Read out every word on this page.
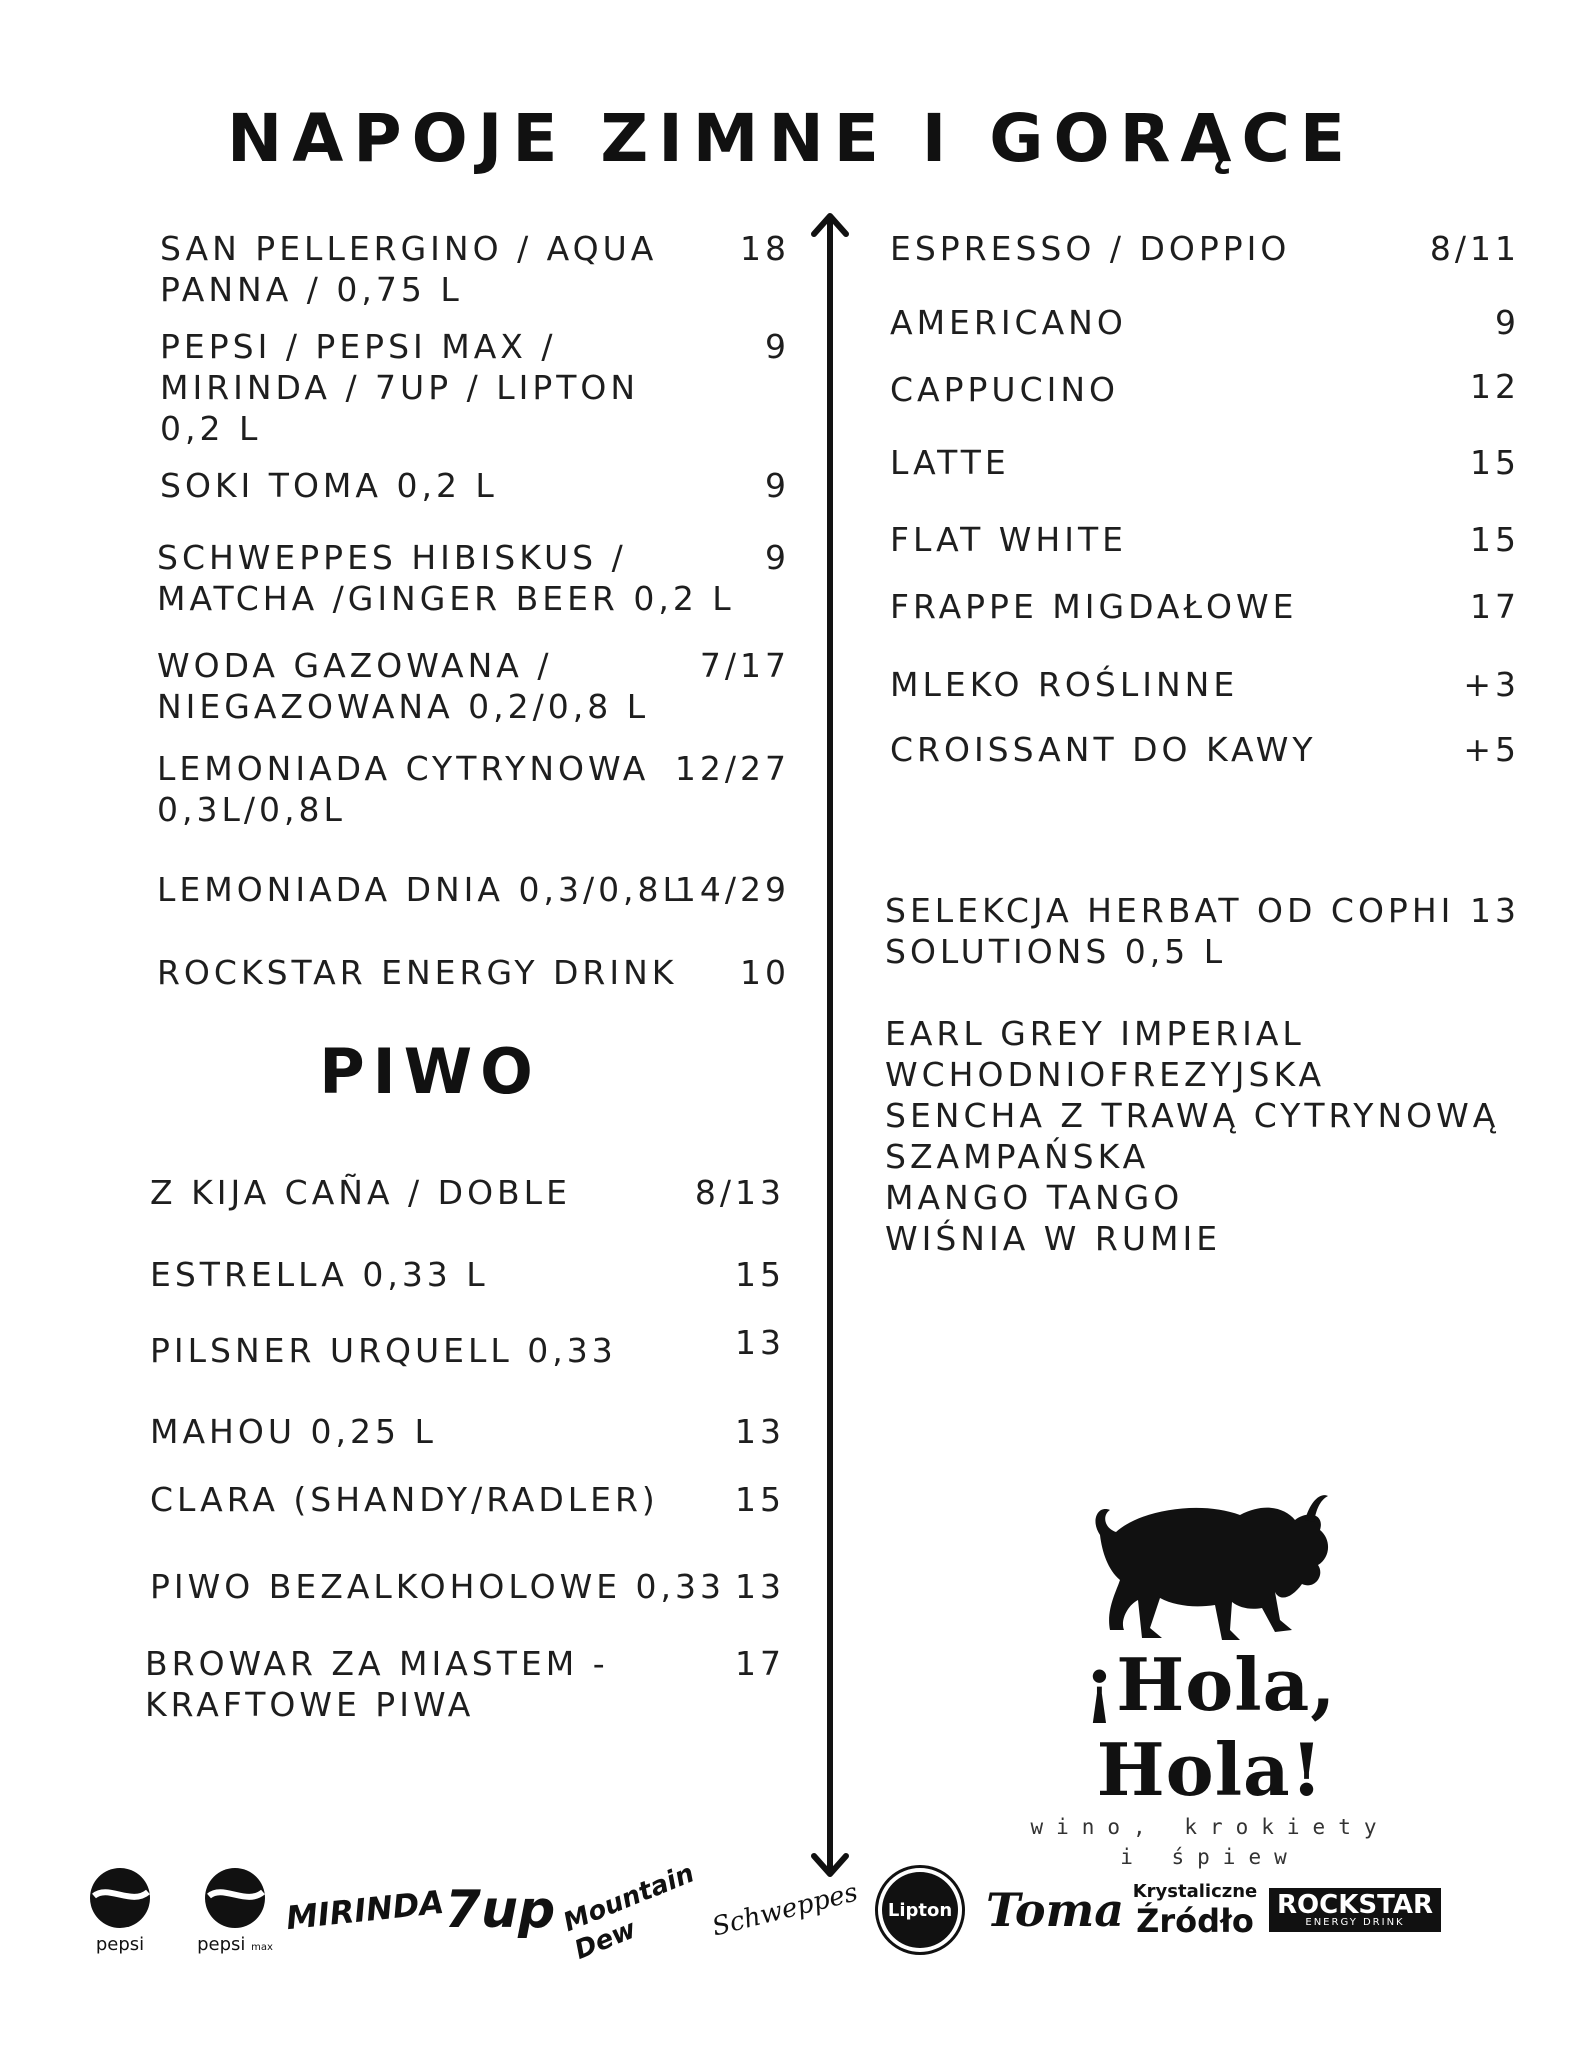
NAPOJE ZIMNE I GORĄCE
SAN PELLERGINO / AQUA
PANNA / 0,75 L
18
PEPSI / PEPSI MAX /
MIRINDA / 7UP / LIPTON
0,2 L
9
SOKI TOMA 0,2 L	9
SCHWEPPES HIBISKUS /
MATCHA /GINGER BEER 0,2 L
9
WODA GAZOWANA /
NIEGAZOWANA 0,2/0,8 L
7/17
LEMONIADA CYTRYNOWA
0,3L/0,8L
12/27
LEMONIADA DNIA 0,3/0,8L
14/29
ROCKSTAR ENERGY DRINK 10
PIWO
Z KIJA CAÑA / DOBLE	8/13
ESTRELLA 0,33 L	15
PILSNER URQUELL 0,33	13
MAHOU 0,25 L	13
CLARA (SHANDY/RADLER) 15
PIWO BEZALKOHOLOWE 0,33 13
BROWAR ZA MIASTEM -
KRAFTOWE PIWA
17
ESPRESSO / DOPPIO	8/11
AMERICANO	9
CAPPUCINO	12
LATTE	15
FLAT WHITE	15
FRAPPE MIGDAŁOWE	17
MLEKO ROŚLINNE	+3
CROISSANT DO KAWY	+5
SELEKCJA HERBAT OD COPHI
SOLUTIONS 0,5 L
13
EARL GREY IMPERIAL
WCHODNIOFREZYJSKA
SENCHA Z TRAWĄ CYTRYNOWĄ
SZAMPAŃSKA
MANGO TANGO
WIŚNIA W RUMIE
¡Hola, Hola!
wino, krokiety
i śpiew
pepsi	pepsi max
MIRINDA 7up Mountain Dew	Schweppes	Lipton Toma Krystaliczne
Źródło ROCKSTAR
ENERGY DRINK
